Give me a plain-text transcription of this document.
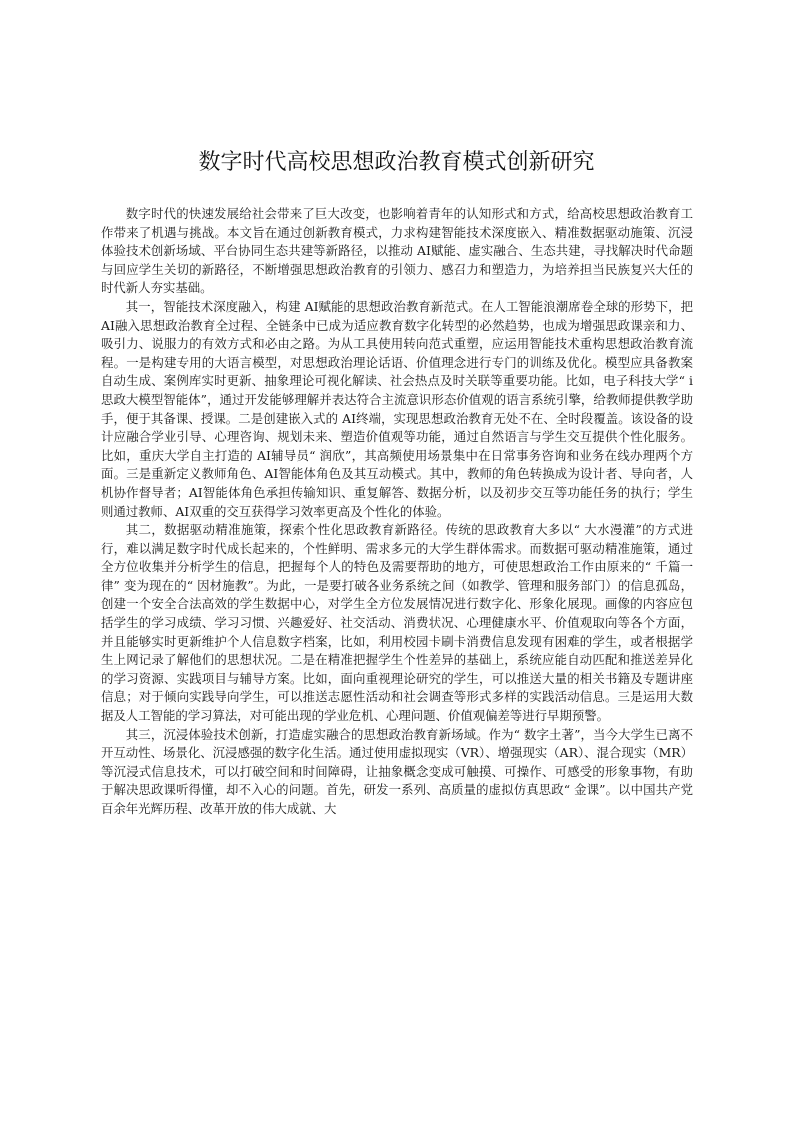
数字时代高校思想政治教育模式创新研究

数字时代的快速发展给社会带来了巨大改变，也影响着青年的认知形式和方式，给高校思想政治教育工作带来了机遇与挑战。本文旨在通过创新教育模式，力求构建智能技术深度嵌入、精准数据驱动施策、沉浸体验技术创新场域、平台协同生态共建等新路径，以推动 AI赋能、虚实融合、生态共建，寻找解决时代命题与回应学生关切的新路径，不断增强思想政治教育的引领力、感召力和塑造力，为培养担当民族复兴大任的时代新人夯实基础。

其一，智能技术深度融入，构建 AI赋能的思想政治教育新范式。在人工智能浪潮席卷全球的形势下，把 AI融入思想政治教育全过程、全链条中已成为适应教育数字化转型的必然趋势，也成为增强思政课亲和力、吸引力、说服力的有效方式和必由之路。为从工具使用转向范式重塑，应运用智能技术重构思想政治教育流程。一是构建专用的大语言模型，对思想政治理论话语、价值理念进行专门的训练及优化。模型应具备教案自动生成、案例库实时更新、抽象理论可视化解读、社会热点及时关联等重要功能。比如，电子科技大学“ i思政大模型智能体”，通过开发能够理解并表达符合主流意识形态价值观的语言系统引擎，给教师提供教学助手，便于其备课、授课。二是创建嵌入式的 AI终端，实现思想政治教育无处不在、全时段覆盖。该设备的设计应融合学业引导、心理咨询、规划未来、塑造价值观等功能，通过自然语言与学生交互提供个性化服务。比如，重庆大学自主打造的 AI辅导员“ 润欣”，其高频使用场景集中在日常事务咨询和业务在线办理两个方面。三是重新定义教师角色、AI智能体角色及其互动模式。其中，教师的角色转换成为设计者、导向者，人机协作督导者；AI智能体角色承担传输知识、重复解答、数据分析，以及初步交互等功能任务的执行；学生则通过教师、AI双重的交互获得学习效率更高及个性化的体验。

其二，数据驱动精准施策，探索个性化思政教育新路径。传统的思政教育大多以“ 大水漫灌”的方式进行，难以满足数字时代成长起来的，个性鲜明、需求多元的大学生群体需求。而数据可驱动精准施策，通过全方位收集并分析学生的信息，把握每个人的特色及需要帮助的地方，可使思想政治工作由原来的“ 千篇一律” 变为现在的“ 因材施教”。为此，一是要打破各业务系统之间（如教学、管理和服务部门）的信息孤岛，创建一个安全合法高效的学生数据中心，对学生全方位发展情况进行数字化、形象化展现。画像的内容应包括学生的学习成绩、学习习惯、兴趣爱好、社交活动、消费状况、心理健康水平、价值观取向等各个方面，并且能够实时更新维护个人信息数字档案，比如，利用校园卡刷卡消费信息发现有困难的学生，或者根据学生上网记录了解他们的思想状况。二是在精准把握学生个性差异的基础上，系统应能自动匹配和推送差异化的学习资源、实践项目与辅导方案。比如，面向重视理论研究的学生，可以推送大量的相关书籍及专题讲座信息；对于倾向实践导向学生，可以推送志愿性活动和社会调查等形式多样的实践活动信息。三是运用大数据及人工智能的学习算法，对可能出现的学业危机、心理问题、价值观偏差等进行早期预警。

其三，沉浸体验技术创新，打造虚实融合的思想政治教育新场域。作为“ 数字土著”，当今大学生已离不开互动性、场景化、沉浸感强的数字化生活。通过使用虚拟现实（VR）、增强现实（AR）、混合现实（MR）等沉浸式信息技术，可以打破空间和时间障碍，让抽象概念变成可触摸、可操作、可感受的形象事物，有助于解决思政课听得懂，却不入心的问题。首先，研发一系列、高质量的虚拟仿真思政“ 金课”。以中国共产党百余年光辉历程、改革开放的伟大成就、大
